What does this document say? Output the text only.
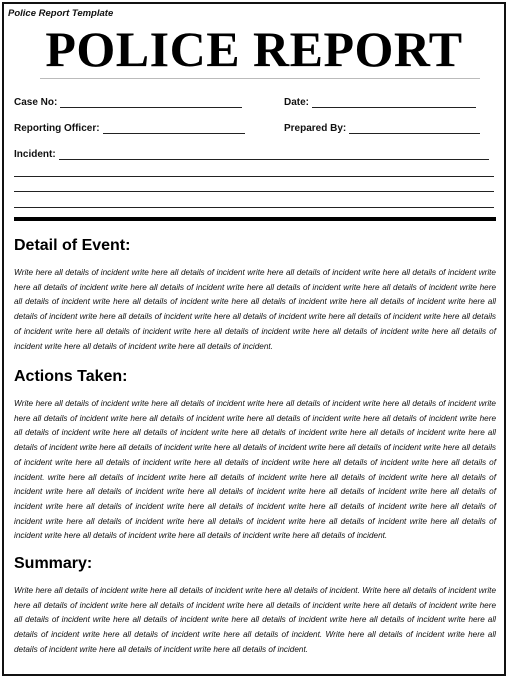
Police Report Template
POLICE REPORT
Case No:	Date:
Reporting Officer:	Prepared By:
Incident:
Detail of Event:
Write here all details of incident write here all details of incident write here all details of incident write here all details of incident write here all details of incident write here all details of incident write here all details of incident write here all details of incident write here all details of incident write here all details of incident write here all details of incident write here all details of incident write here all details of incident write here all details of incident write here all details of incident write here all details of incident write here all details of incident write here all details of incident write here all details of incident write here all details of incident write here all details of incident write here all details of incident write here all details of incident.
Actions Taken:
Write here all details of incident write here all details of incident write here all details of incident write here all details of incident write here all details of incident write here all details of incident write here all details of incident write here all details of incident write here all details of incident write here all details of incident write here all details of incident write here all details of incident write here all details of incident write here all details of incident write here all details of incident write here all details of incident write here all details of incident write here all details of incident write here all details of incident write here all details of incident write here all details of incident. write here all details of incident write here all details of incident write here all details of incident write here all details of incident write here all details of incident write here all details of incident write here all details of incident write here all details of incident write here all details of incident write here all details of incident write here all details of incident write here all details of incident write here all details of incident write here all details of incident write here all details of incident write here all details of incident write here all details of incident write here all details of incident write here all details of incident.
Summary:
Write here all details of incident write here all details of incident write here all details of incident. Write here all details of incident write here all details of incident write here all details of incident write here all details of incident write here all details of incident write here all details of incident write here all details of incident write here all details of incident write here all details of incident write here all details of incident write here all details of incident write here all details of incident. Write here all details of incident write here all details of incident write here all details of incident write here all details of incident.
